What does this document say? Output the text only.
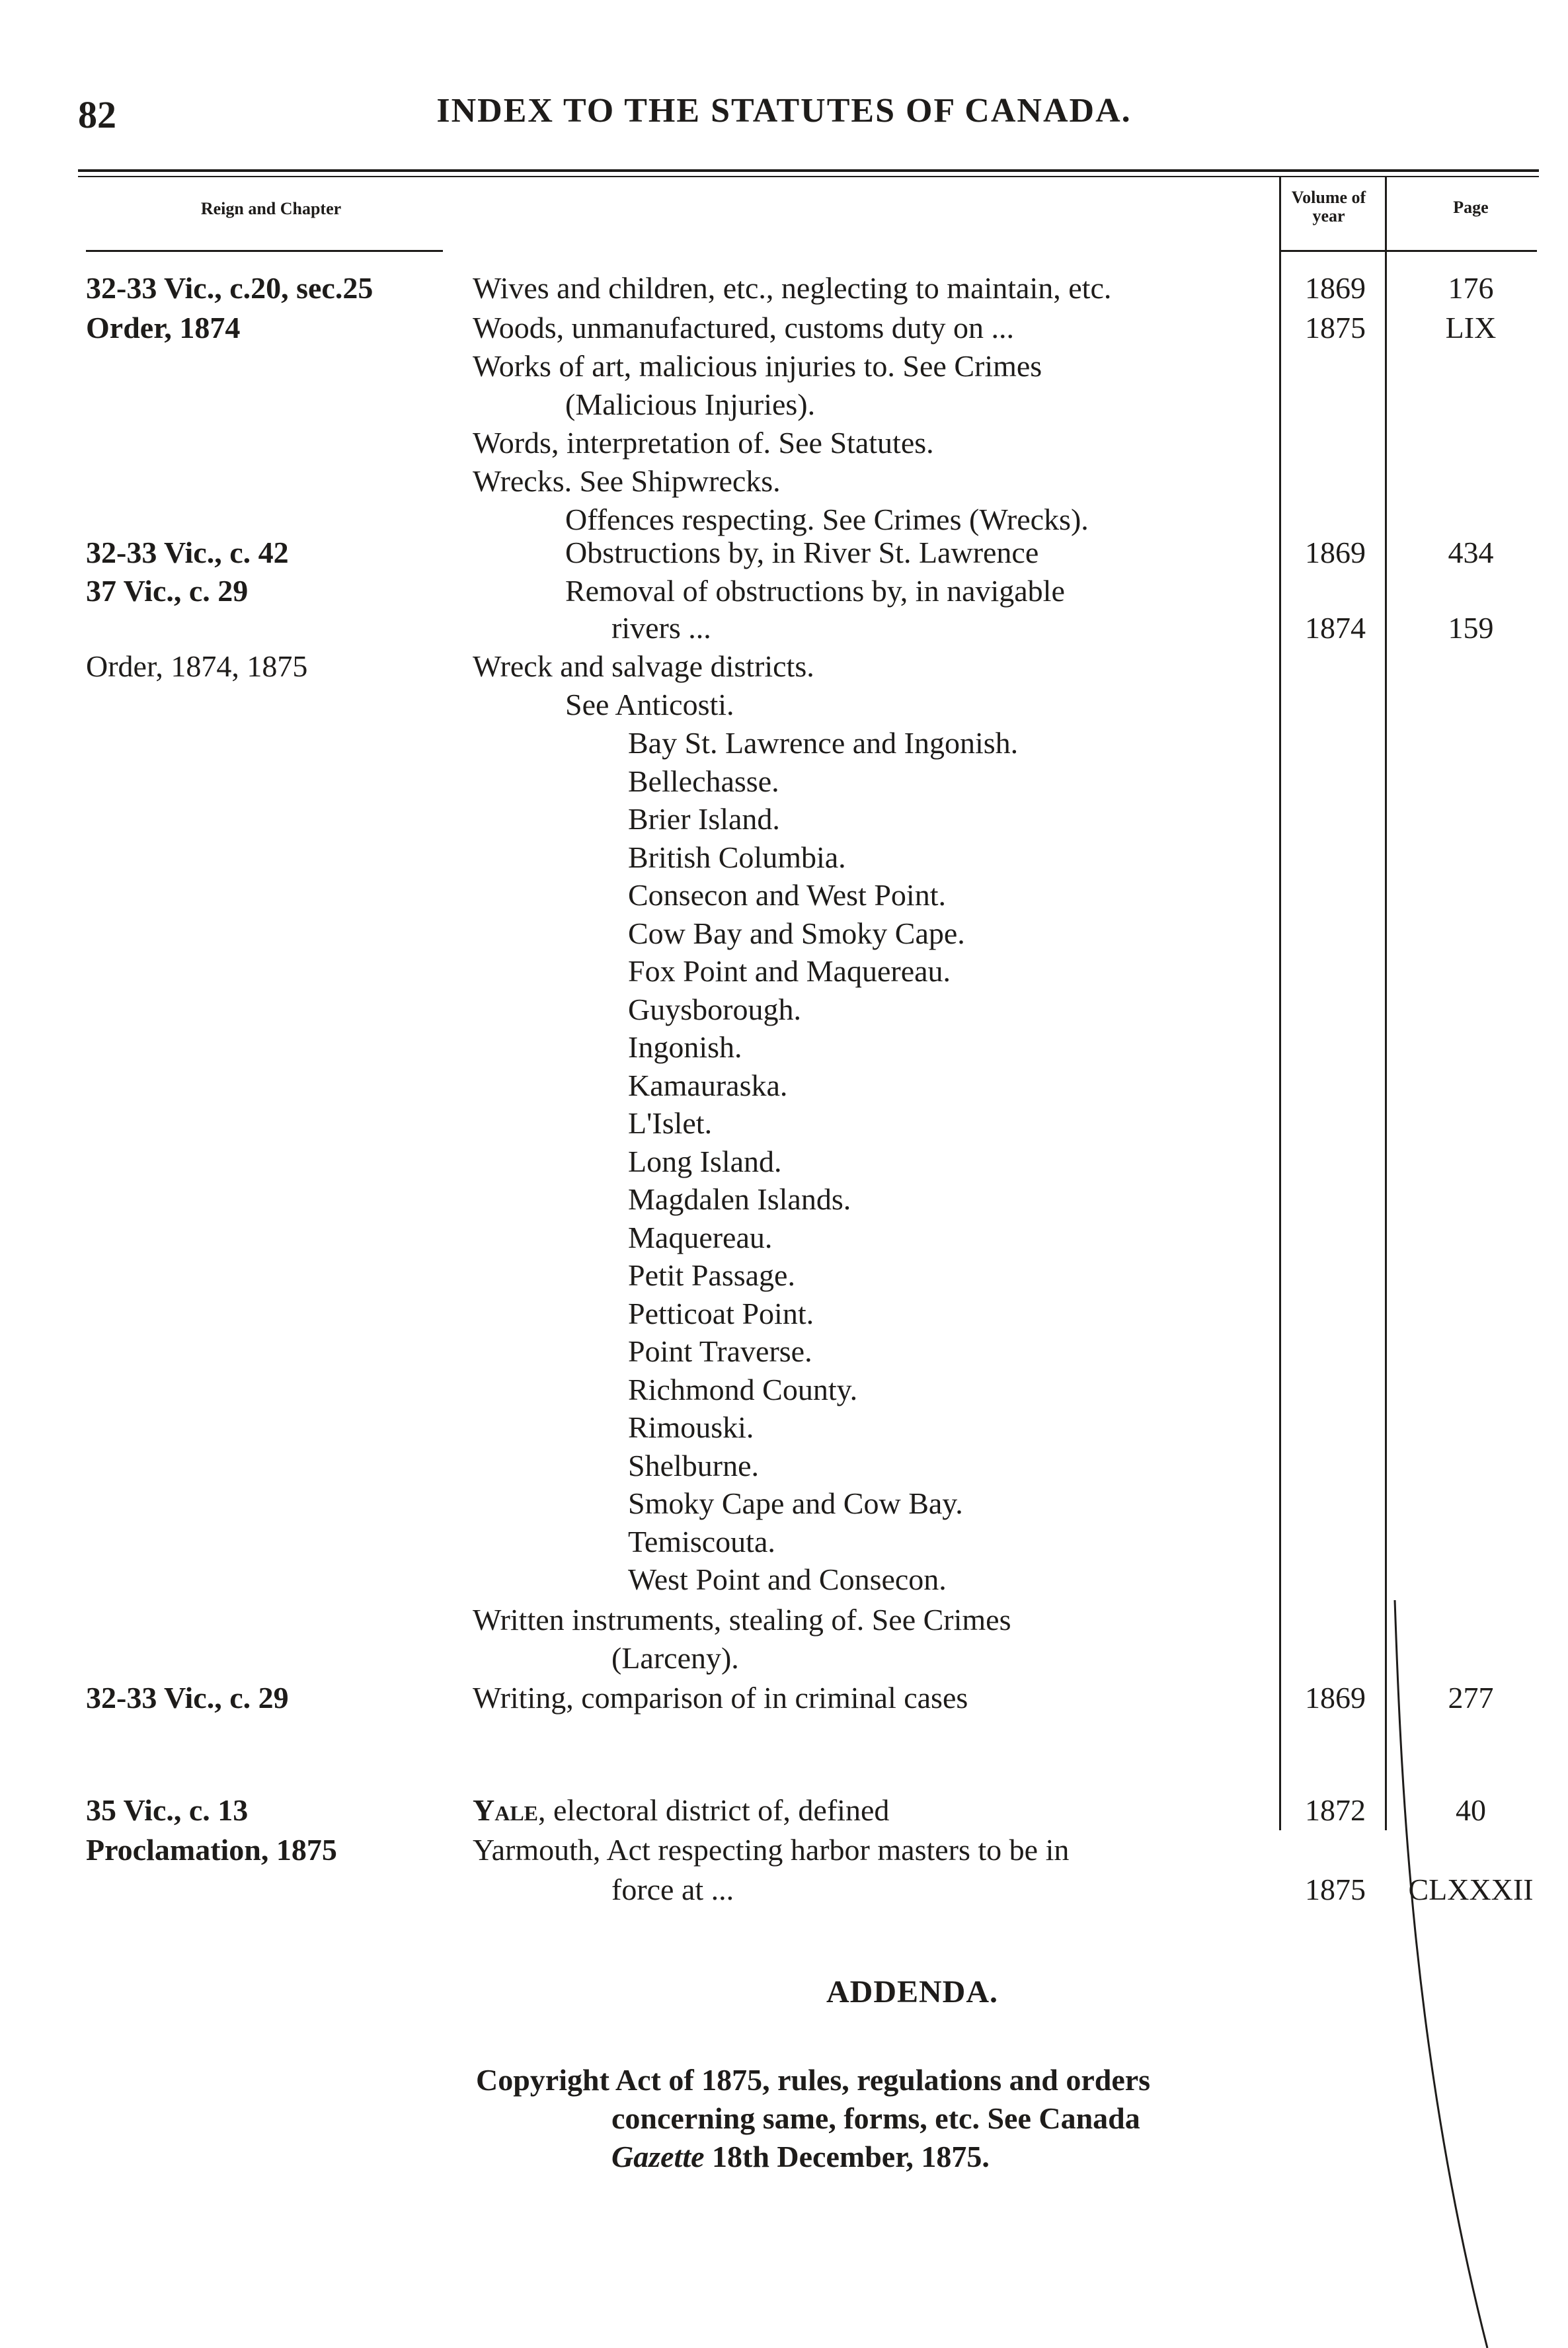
82	INDEX TO THE STATUTES OF CANADA.
Reign and Chapter
Volume of year	Page
32-33 Vic., c.20, sec.25	Wives and children, etc., neglecting to maintain, etc.	1869	176
Order, 1874	Woods, unmanufactured, customs duty on ...	1875	LIX
Works of art, malicious injuries to. See Crimes
(Malicious Injuries).
Words, interpretation of. See Statutes.
Wrecks. See Shipwrecks.
Offences respecting. See Crimes (Wrecks).
32-33 Vic., c. 42	Obstructions by, in River St. Lawrence	1869	434
37 Vic., c. 29	Removal of obstructions by, in navigable
rivers ...	1874	159
Order, 1874, 1875	Wreck and salvage districts.
See Anticosti.
Bay St. Lawrence and Ingonish.
Bellechasse.
Brier Island.
British Columbia.
Consecon and West Point.
Cow Bay and Smoky Cape.
Fox Point and Maquereau.
Guysborough.
Ingonish.
Kamauraska.
L'Islet.
Long Island.
Magdalen Islands.
Maquereau.
Petit Passage.
Petticoat Point.
Point Traverse.
Richmond County.
Rimouski.
Shelburne.
Smoky Cape and Cow Bay.
Temiscouta.
West Point and Consecon.
Written instruments, stealing of. See Crimes
(Larceny).
32-33 Vic., c. 29	Writing, comparison of in criminal cases	1869	277
35 Vic., c. 13	Yale, electoral district of, defined	1872	40
Proclamation, 1875	Yarmouth, Act respecting harbor masters to be in
force at ...	1875	CLXXXII
ADDENDA.
Copyright Act of 1875, rules, regulations and orders
concerning same, forms, etc. See Canada
Gazette 18th December, 1875.
